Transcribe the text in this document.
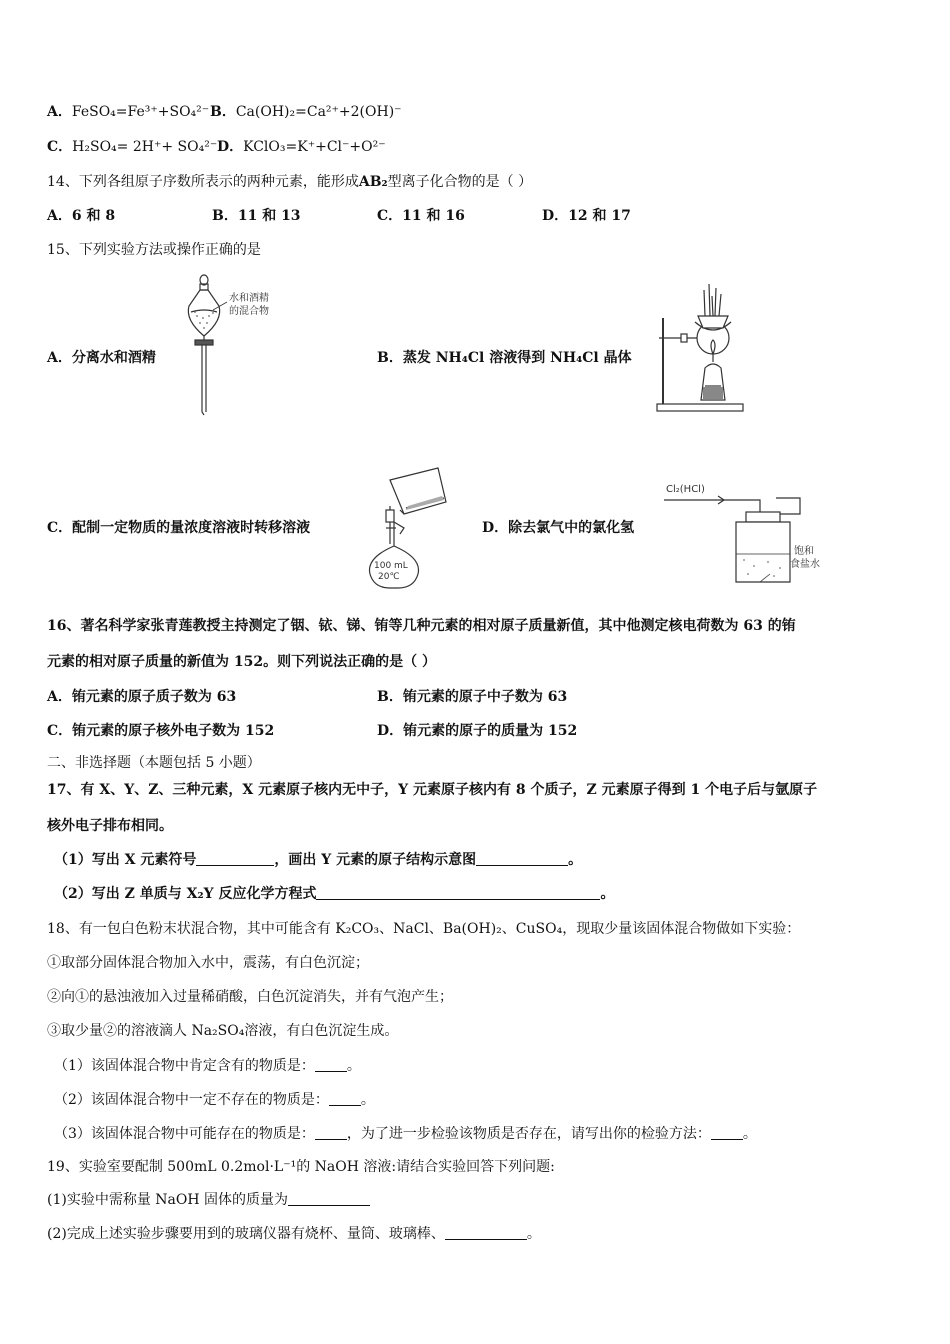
A．FeSO₄=Fe³⁺+SO₄²⁻ B．Ca(OH)₂=Ca²⁺+2(OH)⁻
C．H₂SO₄= 2H⁺+ SO₄²⁻ D．KClO₃=K⁺+Cl⁻+O²⁻
14、下列各组原子序数所表示的两种元素，能形成AB₂型离子化合物的是（ ）
A．6 和 8	B．11 和 13	C．11 和 16	D．12 和 17
15、下列实验方法或操作正确的是
A．分离水和酒精
水和酒精
的混合物
B．蒸发 NH₄Cl 溶液得到 NH₄Cl 晶体
C．配制一定物质的量浓度溶液时转移溶液
100 mL
20℃
D．除去氯气中的氯化氢
Cl₂(HCl)
饱和
食盐水
16、著名科学家张青莲教授主持测定了铟、铱、锑、铕等几种元素的相对原子质量新值，其中他测定核电荷数为 63 的铕
元素的相对原子质量的新值为 152。则下列说法正确的是（ ）
A．铕元素的原子质子数为 63	B．铕元素的原子中子数为 63
C．铕元素的原子核外电子数为 152	D．铕元素的原子的质量为 152
二、非选择题（本题包括 5 小题）
17、有 X、Y、Z、三种元素，X 元素原子核内无中子，Y 元素原子核内有 8 个质子，Z 元素原子得到 1 个电子后与氩原子
核外电子排布相同。
（1）写出 X 元素符号	，画出 Y 元素的原子结构示意图	。
（2）写出 Z 单质与 X₂Y 反应化学方程式	。
18、有一包白色粉末状混合物，其中可能含有 K₂CO₃、NaCl、Ba(OH)₂、CuSO₄，现取少量该固体混合物做如下实验：
①取部分固体混合物加入水中，震荡，有白色沉淀；
②向①的悬浊液加入过量稀硝酸，白色沉淀消失，并有气泡产生；
③取少量②的溶液滴人 Na₂SO₄溶液，有白色沉淀生成。
（1）该固体混合物中肯定含有的物质是： 。
（2）该固体混合物中一定不存在的物质是： 。
（3）该固体混合物中可能存在的物质是： ，为了进一步检验该物质是否存在，请写出你的检验方法： 。
19、实验室要配制 500mL 0.2mol·L⁻¹的 NaOH 溶液:请结合实验回答下列问题:
(1)实验中需称量 NaOH 固体的质量为
(2)完成上述实验步骤要用到的玻璃仪器有烧杯、量筒、玻璃棒、	。
